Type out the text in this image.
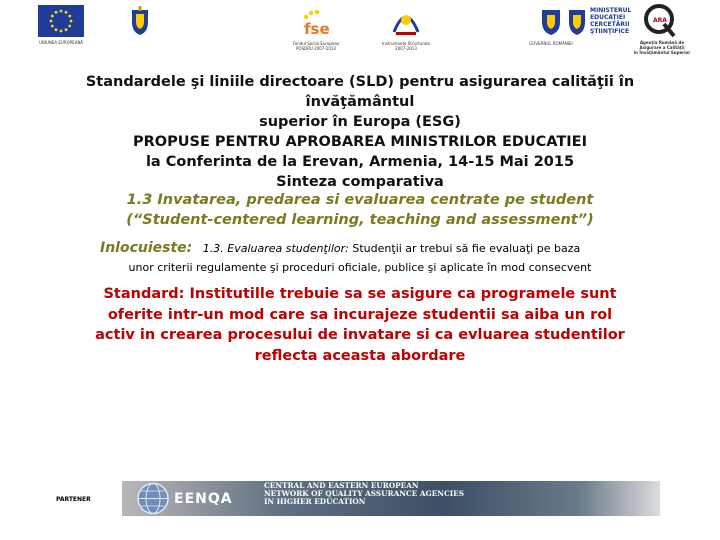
UNIUNEA EUROPEANĂ
fse
Fondul Social European
POSDRU 2007-2013
Instrumente Structurale
2007-2013
GUVERNUL ROMÂNIEI
MINISTERUL
EDUCAŢIEI
CERCETĂRII
ŞTIINŢIFICE
ARA
Agenţia Română de
Asigurare a Calităţii
în Învăţământul Superior
Standardele şi liniile directoare (SLD) pentru asigurarea calităţii în învăţământul
superior în Europa (ESG)
PROPUSE PENTRU APROBAREA MINISTRILOR EDUCATIEI
la Conferinta de la Erevan, Armenia, 14-15 Mai 2015
Sinteza comparativa
1.3 Invatarea, predarea si evaluarea centrate pe student
(“Student-centered learning, teaching and assessment”)
Inlocuieste: 1.3. Evaluarea studenţilor: Studenţii ar trebui să fie evaluaţi pe baza
unor criterii regulamente şi proceduri oficiale, publice şi aplicate în mod consecvent
Standard: Institutille trebuie sa se asigure ca programele sunt
oferite intr-un mod care sa incurajeze studentii sa aiba un rol
activ in crearea procesului de invatare si ca evluarea studentilor
reflecta aceasta abordare
PARTENER	EENQA
CENTRAL AND EASTERN EUROPEAN
NETWORK OF QUALITY ASSURANCE AGENCIES
IN HIGHER EDUCATION
